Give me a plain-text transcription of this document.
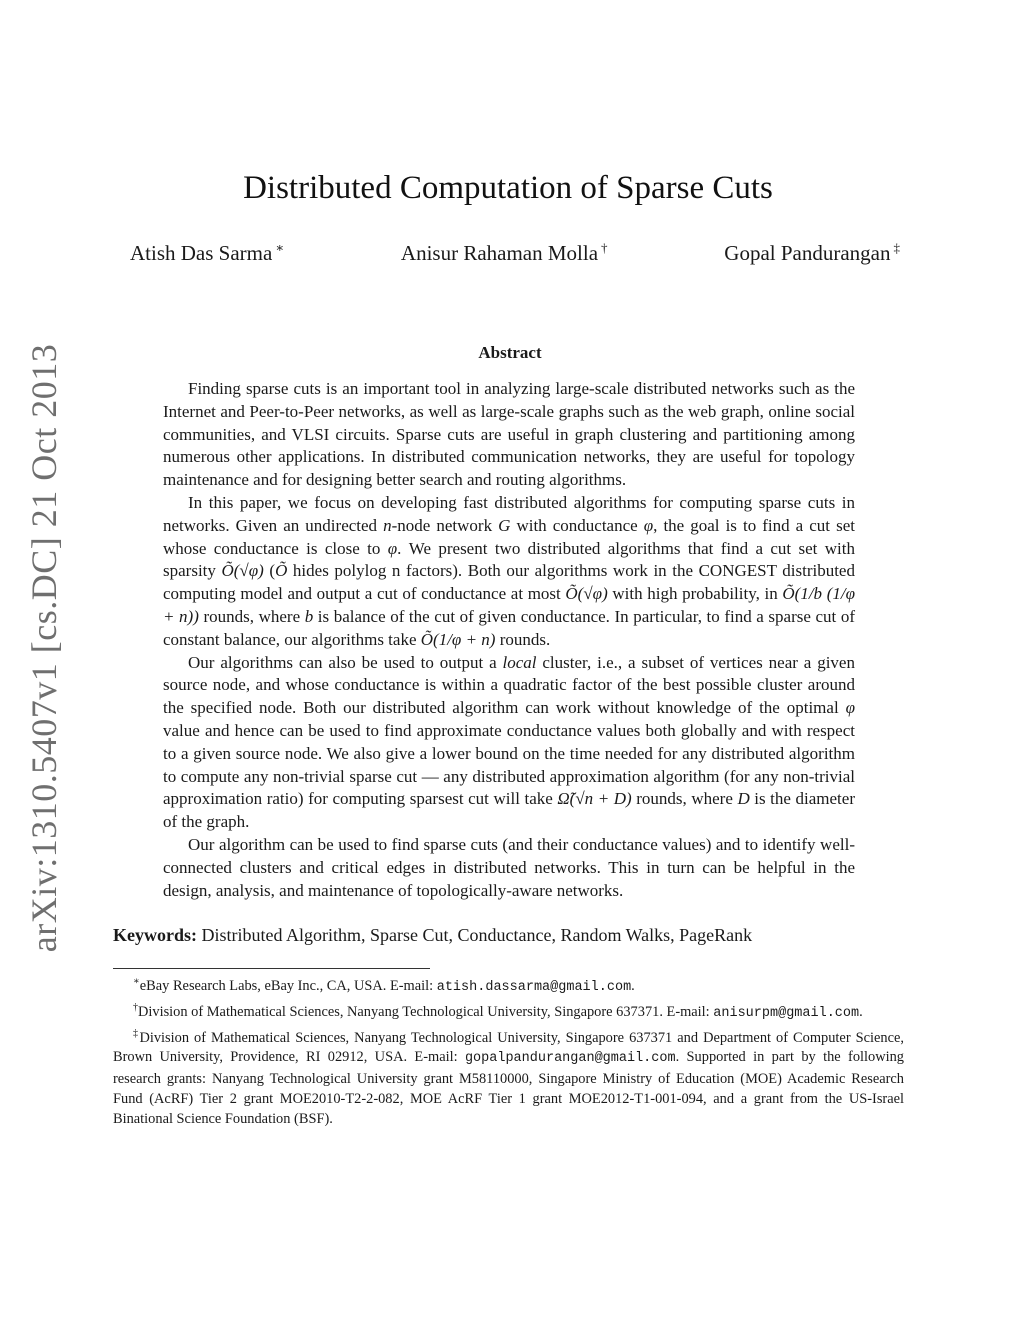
arXiv:1310.5407v1 [cs.DC] 21 Oct 2013
Distributed Computation of Sparse Cuts
Atish Das Sarma ∗	Anisur Rahaman Molla †	Gopal Pandurangan ‡
Abstract

Finding sparse cuts is an important tool in analyzing large-scale distributed networks such as the Internet and Peer-to-Peer networks, as well as large-scale graphs such as the web graph, online social communities, and VLSI circuits. Sparse cuts are useful in graph clustering and partitioning among numerous other applications. In distributed communication networks, they are useful for topology maintenance and for designing better search and routing algorithms.

In this paper, we focus on developing fast distributed algorithms for computing sparse cuts in networks. Given an undirected n-node network G with conductance φ, the goal is to find a cut set whose conductance is close to φ. We present two distributed algorithms that find a cut set with sparsity Õ(√φ) (Õ hides polylog n factors). Both our algorithms work in the CONGEST distributed computing model and output a cut of conductance at most Õ(√φ) with high probability, in Õ(1/b (1/φ + n)) rounds, where b is balance of the cut of given conductance. In particular, to find a sparse cut of constant balance, our algorithms take Õ(1/φ + n) rounds.

Our algorithms can also be used to output a local cluster, i.e., a subset of vertices near a given source node, and whose conductance is within a quadratic factor of the best possible cluster around the specified node. Both our distributed algorithm can work without knowledge of the optimal φ value and hence can be used to find approximate conductance values both globally and with respect to a given source node. We also give a lower bound on the time needed for any distributed algorithm to compute any non-trivial sparse cut — any distributed approximation algorithm (for any non-trivial approximation ratio) for computing sparsest cut will take Ω̃(√n + D) rounds, where D is the diameter of the graph.

Our algorithm can be used to find sparse cuts (and their conductance values) and to identify well-connected clusters and critical edges in distributed networks. This in turn can be helpful in the design, analysis, and maintenance of topologically-aware networks.

Keywords: Distributed Algorithm, Sparse Cut, Conductance, Random Walks, PageRank

∗eBay Research Labs, eBay Inc., CA, USA. E-mail: atish.dassarma@gmail.com.

†Division of Mathematical Sciences, Nanyang Technological University, Singapore 637371. E-mail: anisurpm@gmail.com.

‡Division of Mathematical Sciences, Nanyang Technological University, Singapore 637371 and Department of Computer Science, Brown University, Providence, RI 02912, USA. E-mail: gopalpandurangan@gmail.com. Supported in part by the following research grants: Nanyang Technological University grant M58110000, Singapore Ministry of Education (MOE) Academic Research Fund (AcRF) Tier 2 grant MOE2010-T2-2-082, MOE AcRF Tier 1 grant MOE2012-T1-001-094, and a grant from the US-Israel Binational Science Foundation (BSF).
